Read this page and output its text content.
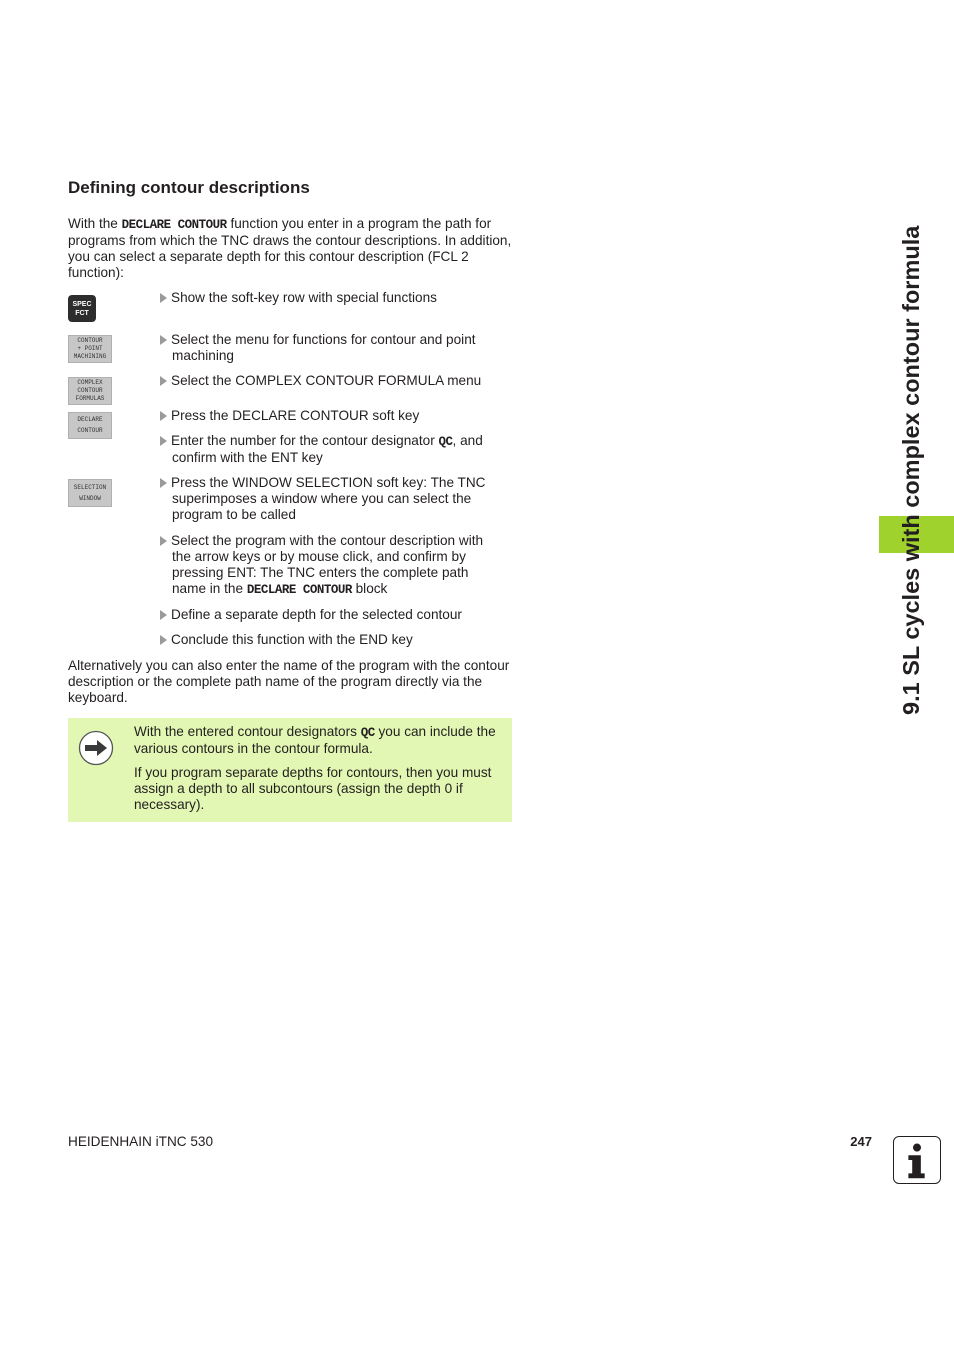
Defining contour descriptions

With the DECLARE CONTOUR function you enter in a program the path for programs from which the TNC draws the contour descriptions. In addition, you can select a separate depth for this contour description (FCL 2 function):

SPEC
FCT
CONTOUR
+ POINT
MACHINING
COMPLEX
CONTOUR
FORMULAS
DECLARE
CONTOUR
SELECTION
WINDOW
Show the soft-key row with special functions
Select the menu for functions for contour and point
machining
Select the COMPLEX CONTOUR FORMULA menu
Press the DECLARE CONTOUR soft key
Enter the number for the contour designator QC, and
confirm with the ENT key
Press the WINDOW SELECTION soft key: The TNC
superimposes a window where you can select the
program to be called
Select the program with the contour description with
the arrow keys or by mouse click, and confirm by
pressing ENT: The TNC enters the complete path
name in the DECLARE CONTOUR block
Define a separate depth for the selected contour
Conclude this function with the END key

Alternatively you can also enter the name of the program with the contour description or the complete path name of the program directly via the keyboard.

With the entered contour designators QC you can include the various contours in the contour formula.

If you program separate depths for contours, then you must assign a depth to all subcontours (assign the depth 0 if necessary).

9.1 SL cycles with complex contour formula
HEIDENHAIN iTNC 530	247
